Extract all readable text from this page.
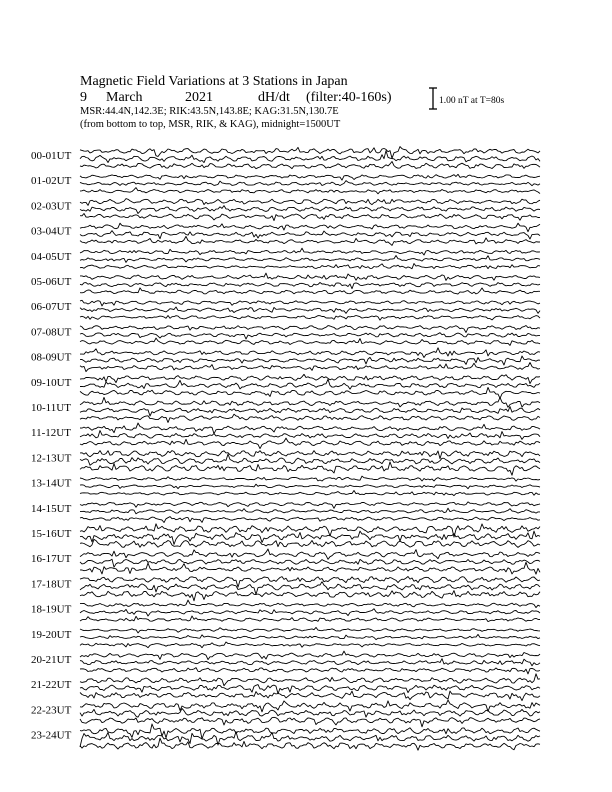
Magnetic Field Variations at 3 Stations in Japan
9 March	2021	dH/dt (filter:40-160s)
MSR:44.4N,142.3E; RIK:43.5N,143.8E; KAG:31.5N,130.7E
(from bottom to top, MSR, RIK, & KAG), midnight=1500UT
1.00 nT at T=80s
00-01UT
01-02UT
02-03UT
03-04UT
04-05UT
05-06UT
06-07UT
07-08UT
08-09UT
09-10UT
10-11UT
11-12UT
12-13UT
13-14UT
14-15UT
15-16UT
16-17UT
17-18UT
18-19UT
19-20UT
20-21UT
21-22UT
22-23UT
23-24UT
